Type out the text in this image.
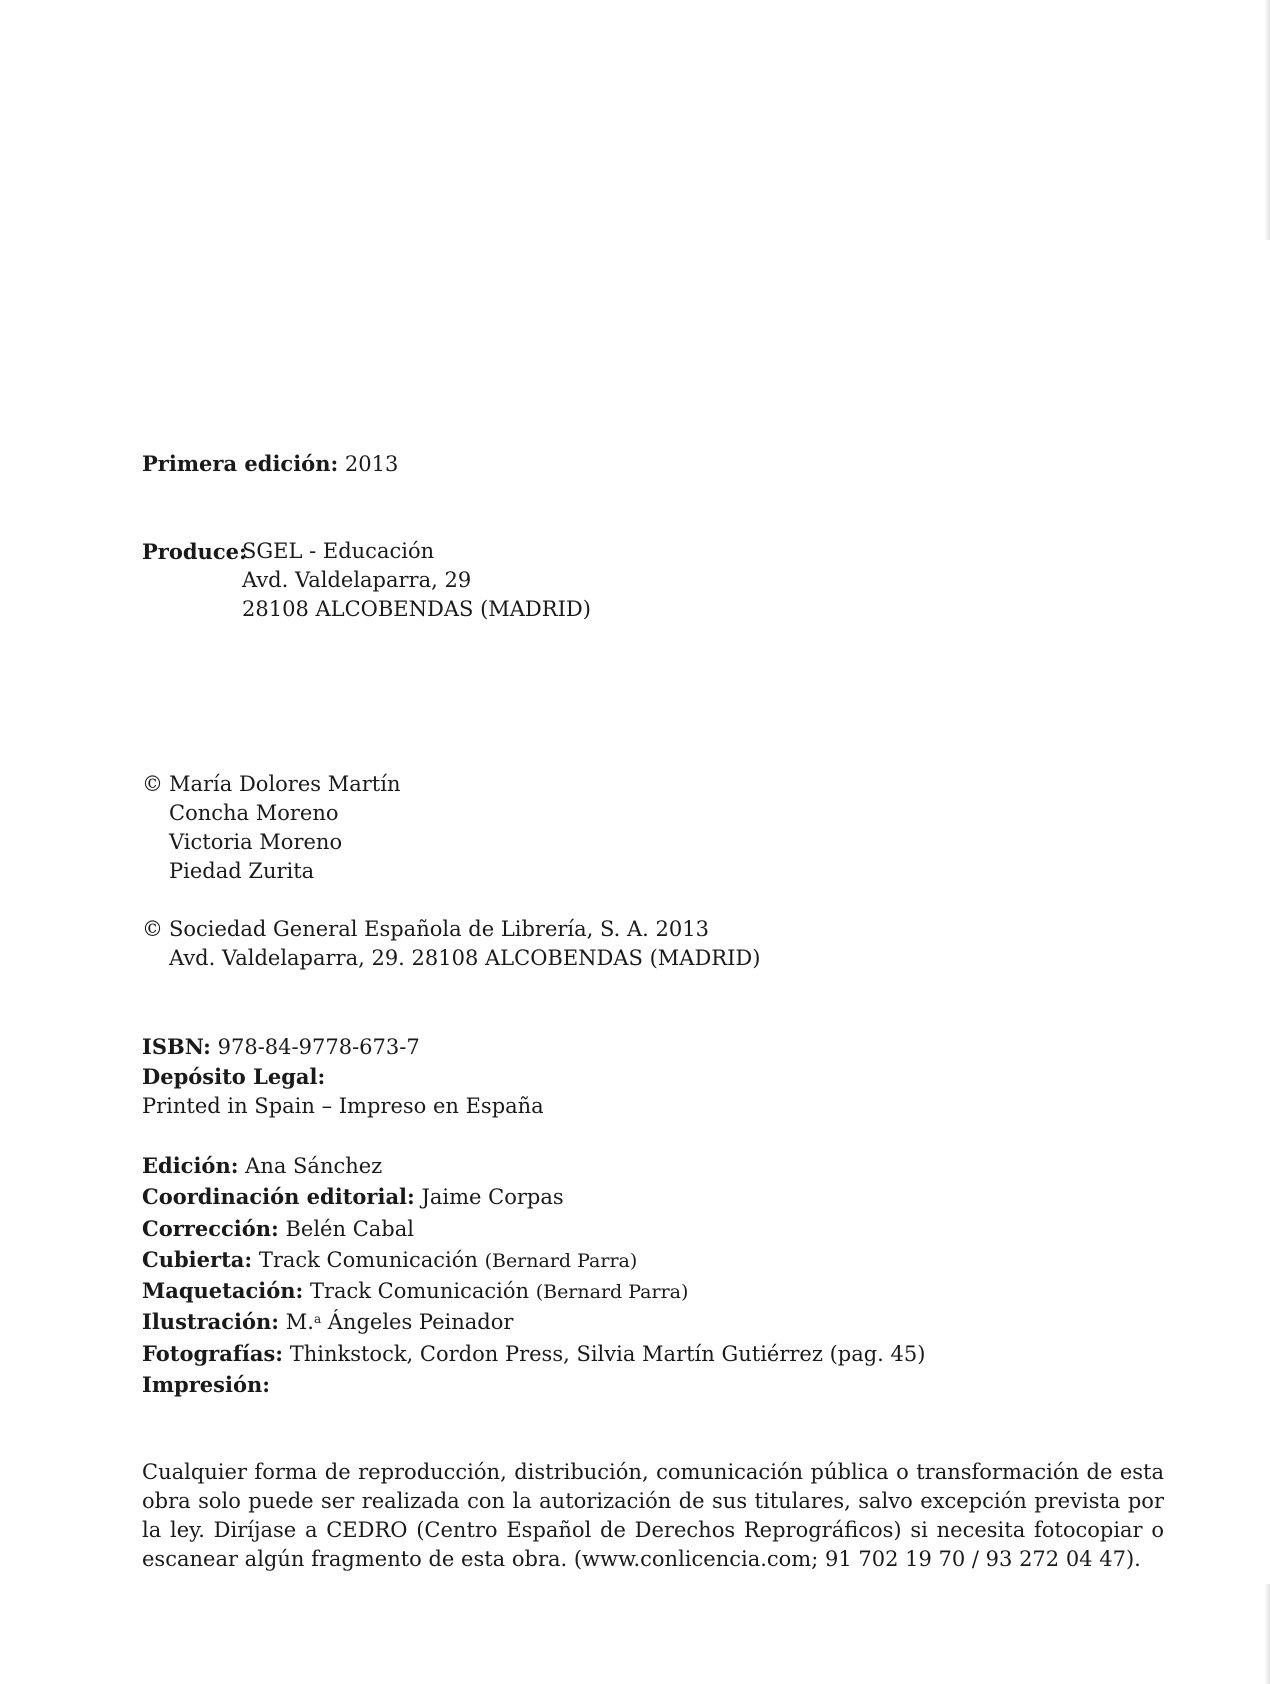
Primera edición: 2013
Produce:
SGEL - Educación
Avd. Valdelaparra, 29
28108 ALCOBENDAS (MADRID)
© María Dolores Martín
Concha Moreno
Victoria Moreno
Piedad Zurita
© Sociedad General Española de Librería, S. A. 2013
Avd. Valdelaparra, 29. 28108 ALCOBENDAS (MADRID)
ISBN: 978-84-9778-673-7
Depósito Legal:
Printed in Spain – Impreso en España
Edición: Ana Sánchez
Coordinación editorial: Jaime Corpas
Corrección: Belén Cabal
Cubierta: Track Comunicación (Bernard Parra)
Maquetación: Track Comunicación (Bernard Parra)
Ilustración: M.$^a$ Ángeles Peinador
Fotografías: Thinkstock, Cordon Press, Silvia Martín Gutiérrez (pag. 45)
Impresión:

Cualquier forma de reproducción, distribución, comunicación pública o transformación de esta obra solo puede ser realizada con la autorización de sus titulares, salvo excepción prevista por la ley. Diríjase a CEDRO (Centro Español de Derechos Reprográficos) si necesita fotocopiar o escanear algún fragmento de esta obra. (www.conlicencia.com; 91 702 19 70 / 93 272 04 47).
